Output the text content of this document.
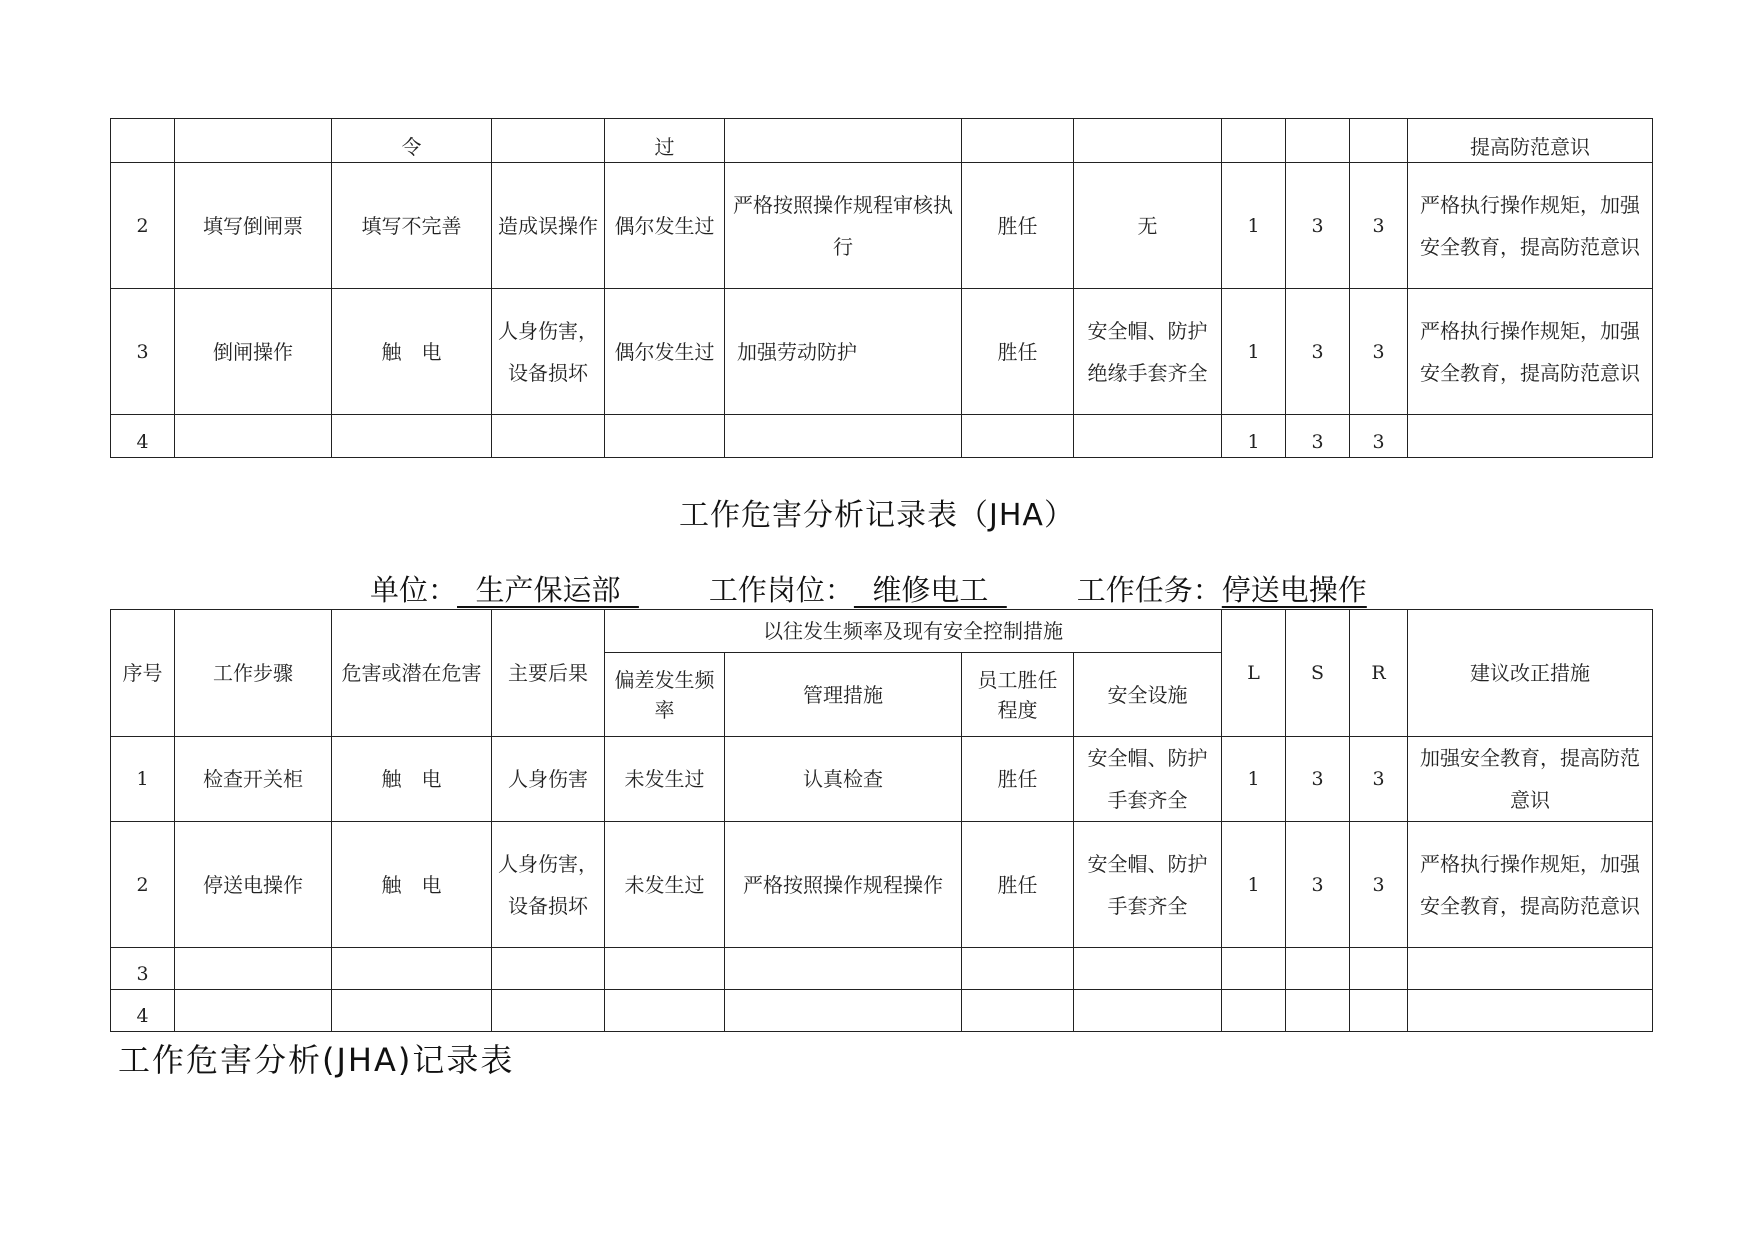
		令		过							提高防范意识
2	填写倒闸票	填写不完善	造成误操作	偶尔发生过	严格按照操作规程审核执行	胜任	无	1	3	3	严格执行操作规矩，加强安全教育，提高防范意识
3	倒闸操作	触　电	人身伤害，设备损坏	偶尔发生过	加强劳动防护	胜任	安全帽、防护绝缘手套齐全	1	3	3	严格执行操作规矩，加强安全教育，提高防范意识
4								1	3	3	
工作危害分析记录表（JHA）
单位：  生产保运部  工作岗位：  维修电工  工作任务：停送电操作
序号	工作步骤	危害或潜在危害	主要后果	以往发生频率及现有安全控制措施				L	S	R	建议改正措施
				偏差发生频率	管理措施	员工胜任程度	安全设施				
1	检查开关柜	触　电	人身伤害	未发生过	认真检查	胜任	安全帽、防护手套齐全	1	3	3	加强安全教育，提高防范意识
2	停送电操作	触　电	人身伤害，设备损坏	未发生过	严格按照操作规程操作	胜任	安全帽、防护手套齐全	1	3	3	严格执行操作规矩，加强安全教育，提高防范意识
3											
4											
工作危害分析(JHA)记录表
